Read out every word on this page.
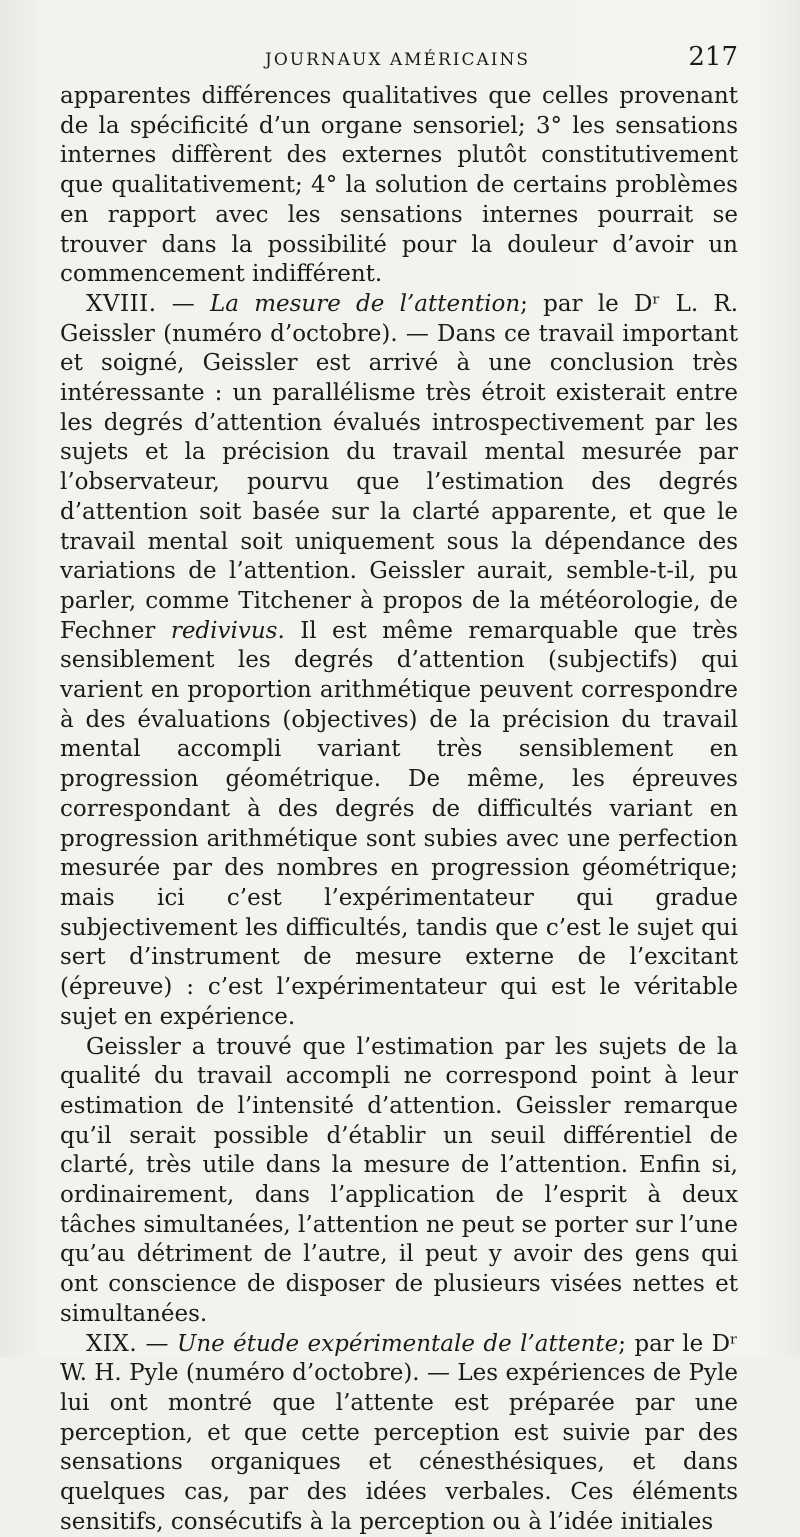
JOURNAUX AMÉRICAINS	217

apparentes différences qualitatives que celles provenant de la spécificité d’un organe sensoriel; 3° les sensations internes diffèrent des externes plutôt constitutivement que qualitativement; 4° la solution de certains problèmes en rapport avec les sensations internes pourrait se trouver dans la possibilité pour la douleur d’avoir un commencement indifférent.

XVIII. — La mesure de l’attention; par le Dʳ L. R. Geissler (numéro d’octobre). — Dans ce travail important et soigné, Geissler est arrivé à une conclusion très intéressante : un parallélisme très étroit existerait entre les degrés d’attention évalués introspectivement par les sujets et la précision du travail mental mesurée par l’observateur, pourvu que l’estimation des degrés d’attention soit basée sur la clarté apparente, et que le travail mental soit uniquement sous la dépendance des variations de l’attention. Geissler aurait, semble-t-il, pu parler, comme Titchener à propos de la météorologie, de Fechner redivivus. Il est même remarquable que très sensiblement les degrés d’attention (subjectifs) qui varient en proportion arithmétique peuvent correspondre à des évaluations (objectives) de la précision du travail mental accompli variant très sensiblement en progression géométrique. De même, les épreuves correspondant à des degrés de difficultés variant en progression arithmétique sont subies avec une perfection mesurée par des nombres en progression géométrique; mais ici c’est l’expérimentateur qui gradue subjectivement les difficultés, tandis que c’est le sujet qui sert d’instrument de mesure externe de l’excitant (épreuve) : c’est l’expérimentateur qui est le véritable sujet en expérience.

Geissler a trouvé que l’estimation par les sujets de la qualité du travail accompli ne correspond point à leur estimation de l’intensité d’attention. Geissler remarque qu’il serait possible d’établir un seuil différentiel de clarté, très utile dans la mesure de l’attention. Enfin si, ordinairement, dans l’application de l’esprit à deux tâches simultanées, l’attention ne peut se porter sur l’une qu’au détriment de l’autre, il peut y avoir des gens qui ont conscience de disposer de plusieurs visées nettes et simultanées.

XIX. — Une étude expérimentale de l’attente; par le Dʳ W. H. Pyle (numéro d’octobre). — Les expériences de Pyle lui ont montré que l’attente est préparée par une perception, et que cette perception est suivie par des sensations organiques et cénesthésiques, et dans quelques cas, par des idées verbales. Ces éléments sensitifs, consécutifs à la perception ou à l’idée initiales
